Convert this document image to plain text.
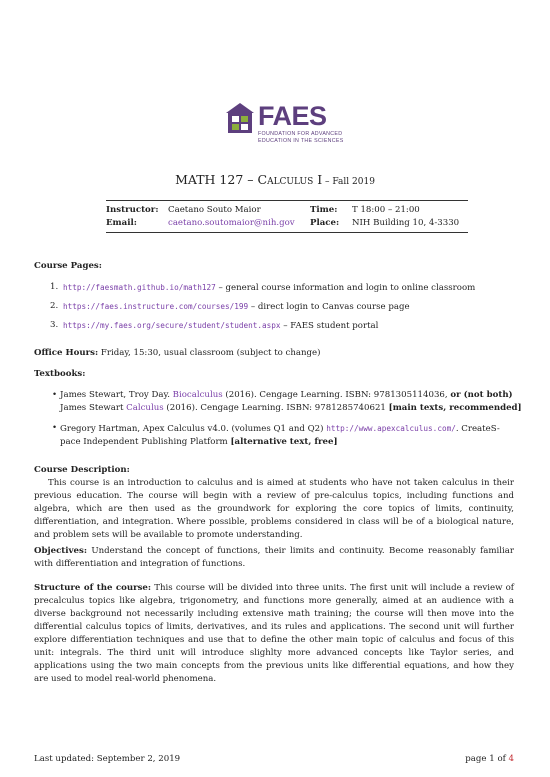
FAES
FOUNDATION FOR ADVANCED
EDUCATION IN THE SCIENCES
MATH 127 – Calculus I – Fall 2019
Instructor: Caetano Souto Maior	Time: T 18:00 – 21:00
Email:	caetano.soutomaior@nih.gov Place: NIH Building 10, 4-3330
Course Pages:
1. http://faesmath.github.io/math127 – general course information and login to online classroom
2. https://faes.instructure.com/courses/199 – direct login to Canvas course page
3. https://my.faes.org/secure/student/student.aspx – FAES student portal
Office Hours: Friday, 15:30, usual classroom (subject to change)
Textbooks:
• James Stewart, Troy Day. Biocalculus (2016). Cengage Learning. ISBN: 9781305114036, or (not both)
James Stewart Calculus (2016). Cengage Learning. ISBN: 9781285740621 [main texts, recommended]
• Gregory Hartman, Apex Calculus v4.0. (volumes Q1 and Q2) http://www.apexcalculus.com/. CreateS-
pace Independent Publishing Platform [alternative text, free]
Course Description:
This course is an introduction to calculus and is aimed at students who have not taken calculus in their previous education. The course will begin with a review of pre-calculus topics, including functions and algebra, which are then used as the groundwork for exploring the core topics of limits, continuity, differentiation, and integration. Where possible, problems considered in class will be of a biological nature, and problem sets will be available to promote understanding.
Objectives: Understand the concept of functions, their limits and continuity. Become reasonably familiar with differentiation and integration of functions.
Structure of the course: This course will be divided into three units. The first unit will include a review of precalculus topics like algebra, trigonometry, and functions more generally, aimed at an audience with a diverse background not necessarily including extensive math training; the course will then move into the differential calculus topics of limits, derivatives, and its rules and applications. The second unit will further explore differentiation techniques and use that to define the other main topic of calculus and focus of this unit: integrals. The third unit will introduce slighlty more advanced concepts like Taylor series, and applications using the two main concepts from the previous units like differential equations, and how they are used to model real-world phenomena.
Last updated: September 2, 2019	page 1 of 4
